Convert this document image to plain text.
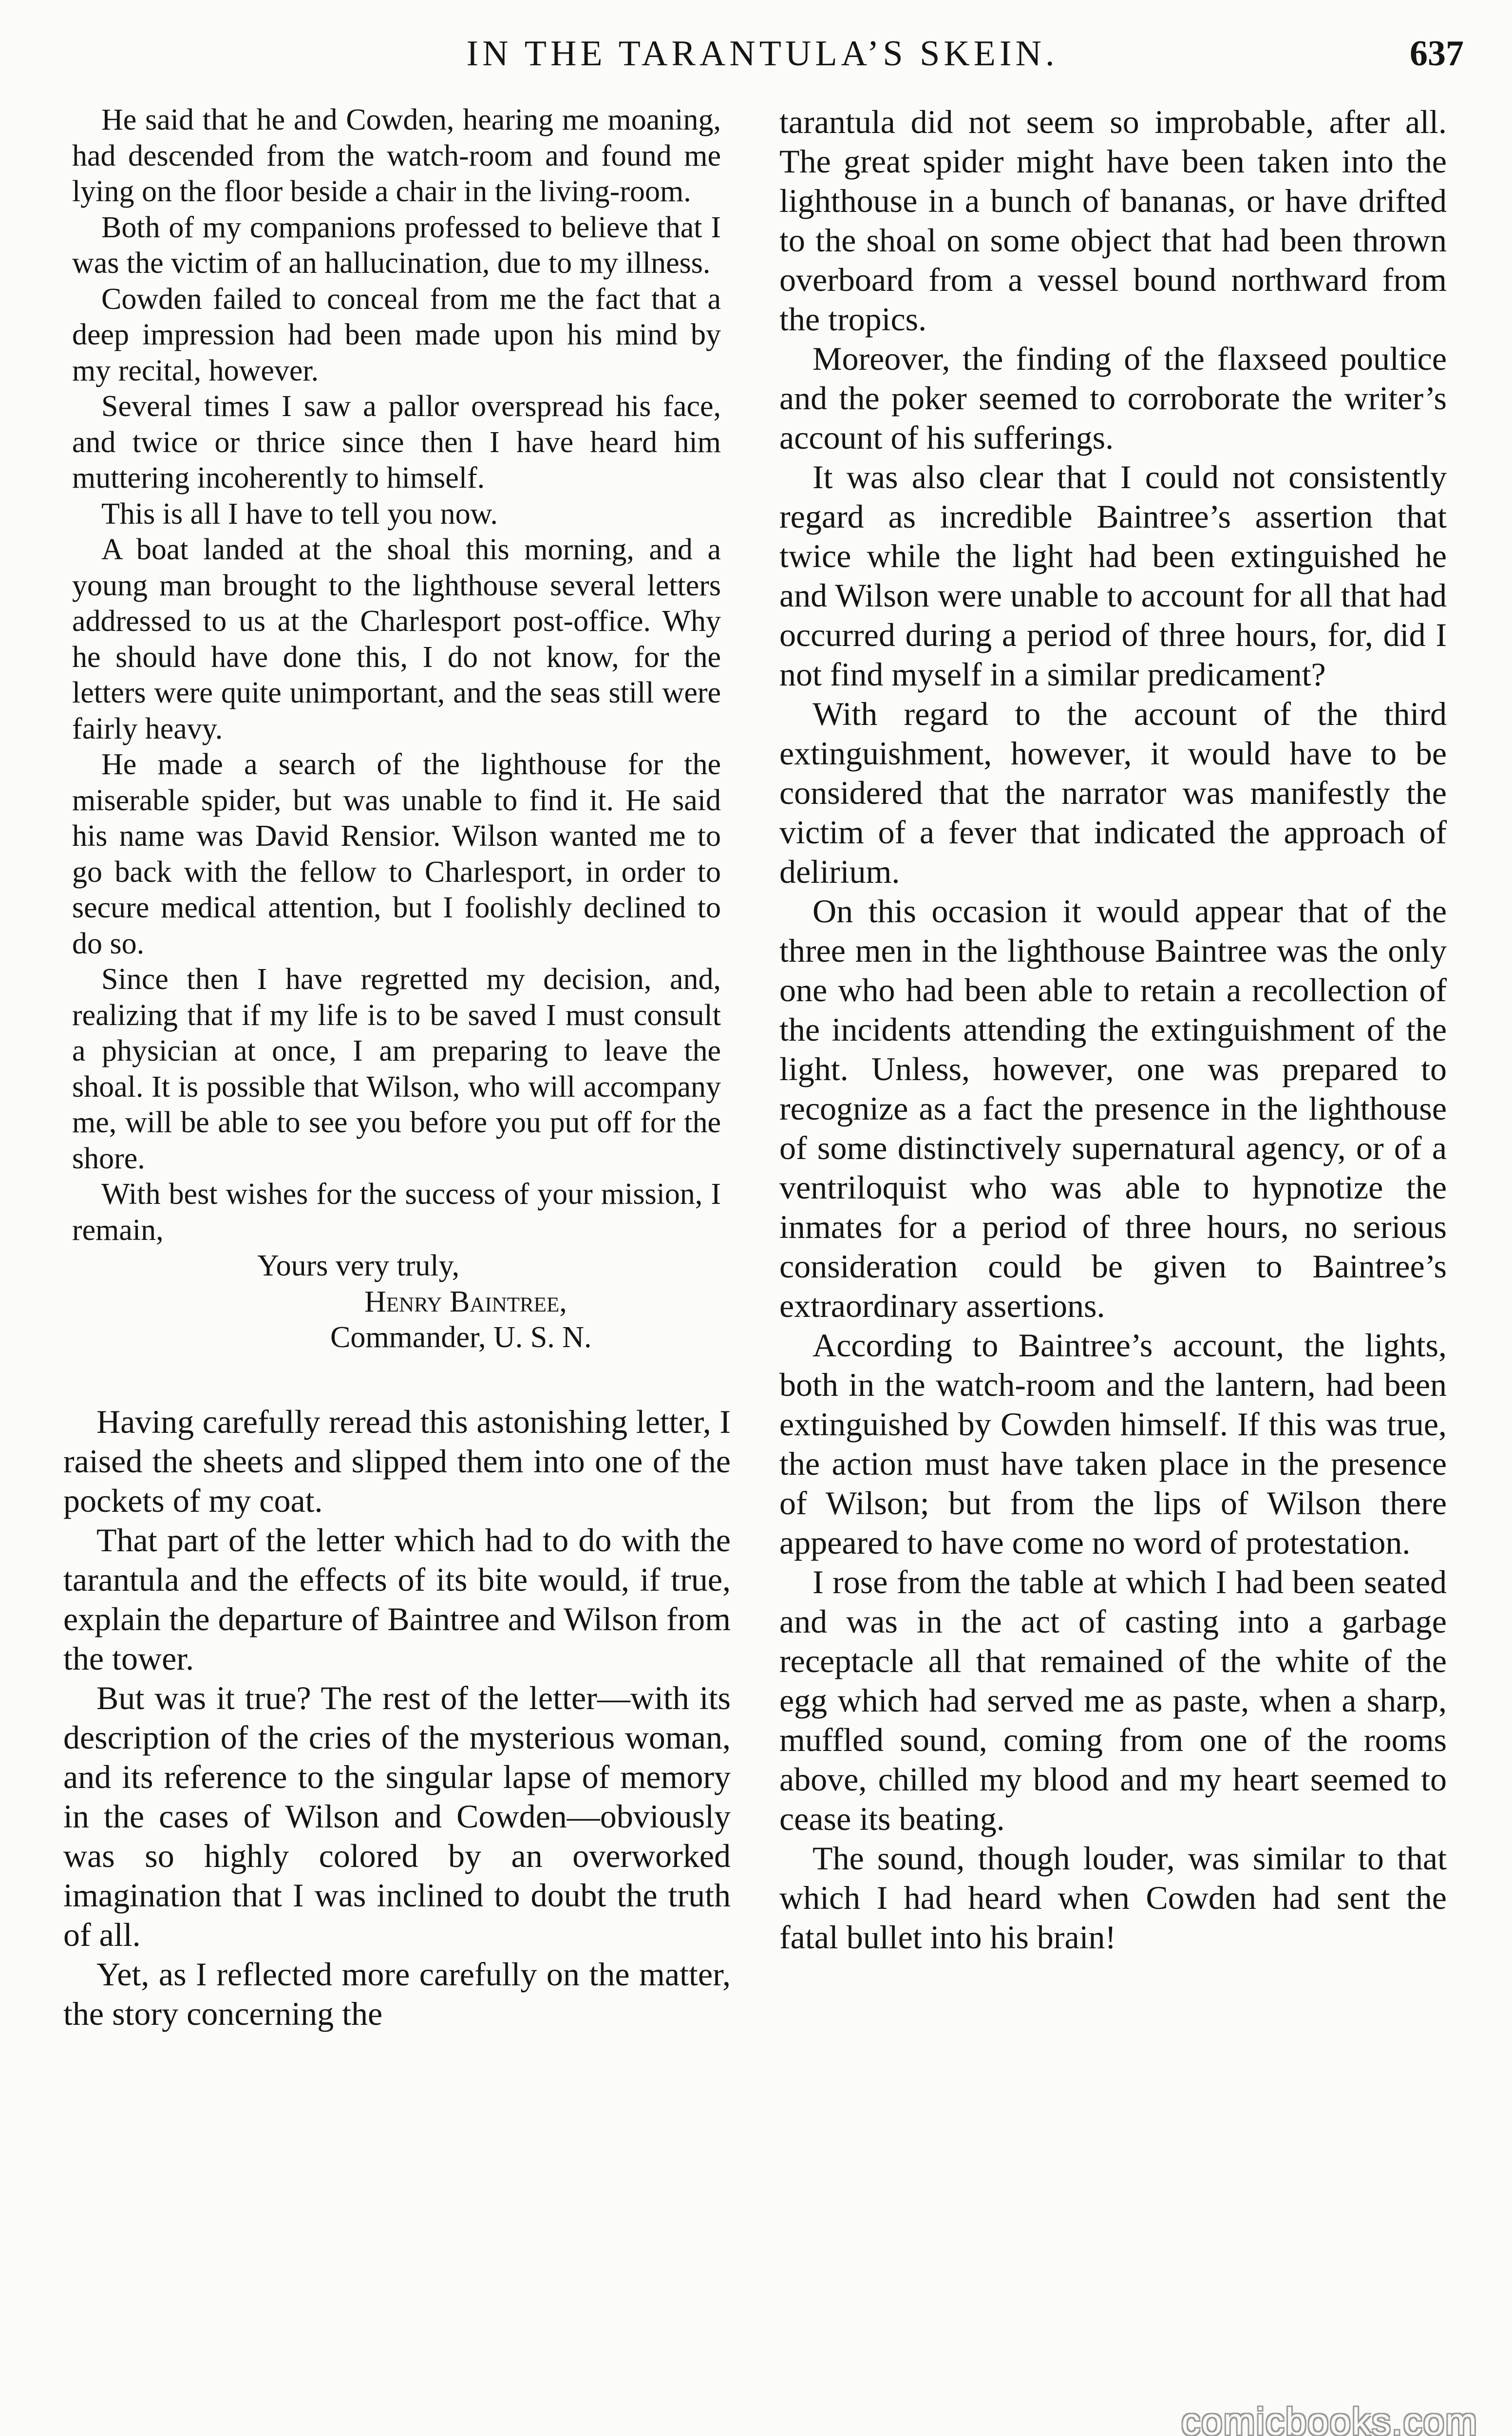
IN THE TARANTULA’S SKEIN.	637

He said that he and Cowden, hearing me moaning, had descended from the watch-room and found me lying on the floor beside a chair in the living-room.

Both of my companions professed to believe that I was the victim of an hallucination, due to my illness.

Cowden failed to conceal from me the fact that a deep impression had been made upon his mind by my recital, however.

Several times I saw a pallor overspread his face, and twice or thrice since then I have heard him muttering incoherently to himself.

This is all I have to tell you now.

A boat landed at the shoal this morning, and a young man brought to the lighthouse several letters addressed to us at the Charlesport post-office. Why he should have done this, I do not know, for the letters were quite unimportant, and the seas still were fairly heavy.

He made a search of the lighthouse for the miserable spider, but was unable to find it. He said his name was David Rensior. Wilson wanted me to go back with the fellow to Charlesport, in order to secure medical attention, but I foolishly declined to do so.

Since then I have regretted my decision, and, realizing that if my life is to be saved I must consult a physician at once, I am preparing to leave the shoal. It is possible that Wilson, who will accompany me, will be able to see you before you put off for the shore.

With best wishes for the success of your mission, I remain,

Yours very truly,
Henry Baintree,
Commander, U. S. N.

Having carefully reread this astonishing letter, I raised the sheets and slipped them into one of the pockets of my coat.

That part of the letter which had to do with the tarantula and the effects of its bite would, if true, explain the departure of Baintree and Wilson from the tower.

But was it true? The rest of the letter—with its description of the cries of the mysterious woman, and its reference to the singular lapse of memory in the cases of Wilson and Cowden—obviously was so highly colored by an overworked imagination that I was inclined to doubt the truth of all.

Yet, as I reflected more carefully on the matter, the story concerning the

tarantula did not seem so improbable, after all. The great spider might have been taken into the lighthouse in a bunch of bananas, or have drifted to the shoal on some object that had been thrown overboard from a vessel bound northward from the tropics.

Moreover, the finding of the flaxseed poultice and the poker seemed to corroborate the writer’s account of his sufferings.

It was also clear that I could not consistently regard as incredible Baintree’s assertion that twice while the light had been extinguished he and Wilson were unable to account for all that had occurred during a period of three hours, for, did I not find myself in a similar predicament?

With regard to the account of the third extinguishment, however, it would have to be considered that the narrator was manifestly the victim of a fever that indicated the approach of delirium.

On this occasion it would appear that of the three men in the lighthouse Baintree was the only one who had been able to retain a recollection of the incidents attending the extinguishment of the light. Unless, however, one was prepared to recognize as a fact the presence in the lighthouse of some distinctively supernatural agency, or of a ventriloquist who was able to hypnotize the inmates for a period of three hours, no serious consideration could be given to Baintree’s extraordinary assertions.

According to Baintree’s account, the lights, both in the watch-room and the lantern, had been extinguished by Cowden himself. If this was true, the action must have taken place in the presence of Wilson; but from the lips of Wilson there appeared to have come no word of protestation.

I rose from the table at which I had been seated and was in the act of casting into a garbage receptacle all that remained of the white of the egg which had served me as paste, when a sharp, muffled sound, coming from one of the rooms above, chilled my blood and my heart seemed to cease its beating.

The sound, though louder, was similar to that which I had heard when Cowden had sent the fatal bullet into his brain!

comicbooks.com
